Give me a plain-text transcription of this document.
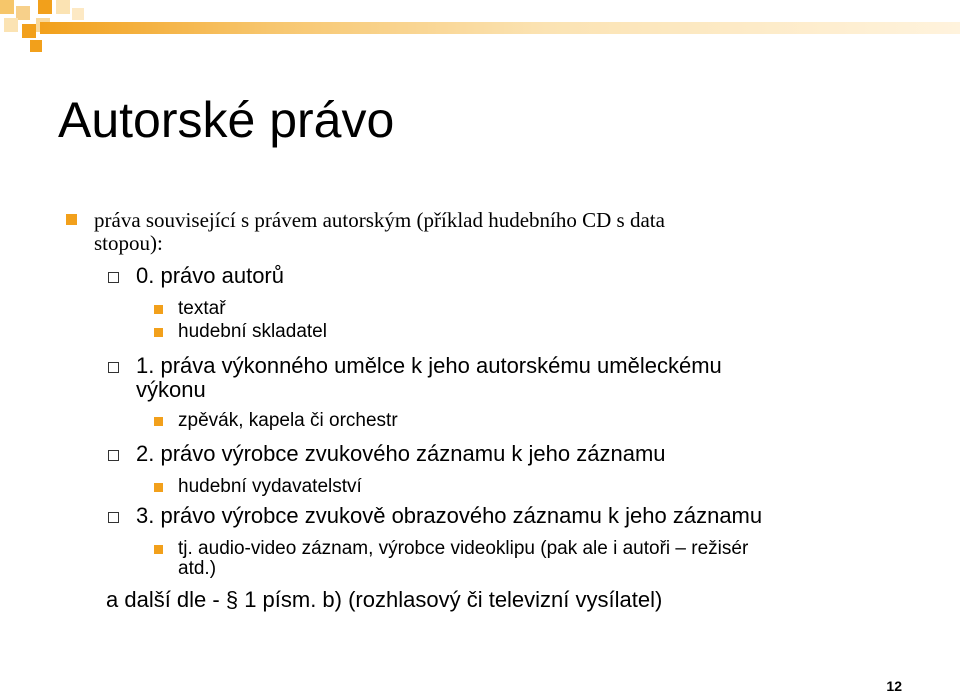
Autorské právo
práva související s právem autorským (příklad hudebního CD s data
stopou):
0. právo autorů
textař
hudební skladatel
1. práva výkonného umělce k jeho autorskému uměleckému
výkonu
zpěvák, kapela či orchestr
2. právo výrobce zvukového záznamu k jeho záznamu
hudební vydavatelství
3. právo výrobce zvukově obrazového záznamu k jeho záznamu
tj. audio-video záznam, výrobce videoklipu (pak ale i autoři – režisér
atd.)
a další dle - § 1 písm. b) (rozhlasový či televizní vysílatel)
12
